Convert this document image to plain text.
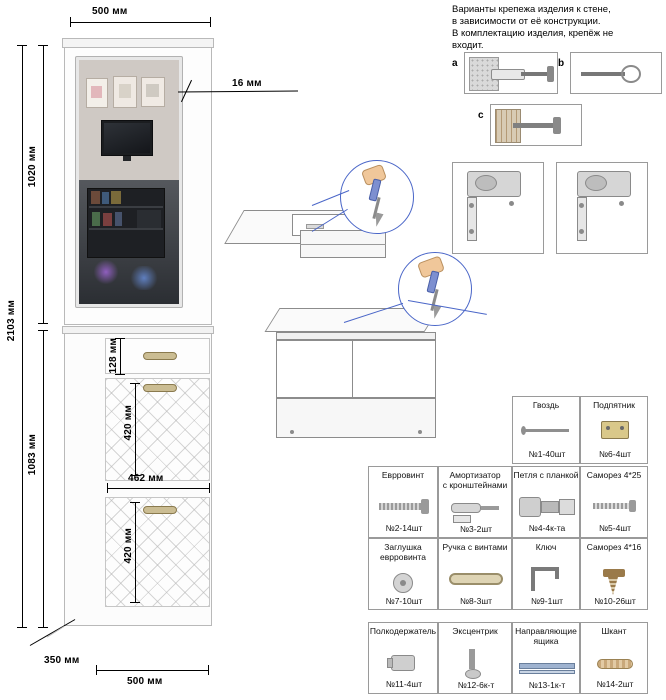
500 мм
2103 мм
1020 мм
1083 мм
16 мм
128 мм
420 мм
420 мм
462 мм
350 мм
500 мм
Варианты крепежа изделия к стене,
в зависимости от её конструкции.
В комплектацию изделия, крепёж не
входит.
a	b
c
Гвоздь
№1-40шт
Подпятник
№6-4шт
Еврровинт
№2-14шт
Амортизатор
с кронштейнами
№3-2шт
Петля с планкой
№4-4к-та
Саморез 4*25
№5-4шт
Заглушка
еврровинта
№7-10шт
Ручка с винтами
№8-3шт
Ключ
№9-1шт
Саморез 4*16
№10-26шт
Полкодержатель
№11-4шт
Эксцентрик
№12-6к-т
Направляющие
ящика
№13-1к-т
Шкант
№14-2шт
